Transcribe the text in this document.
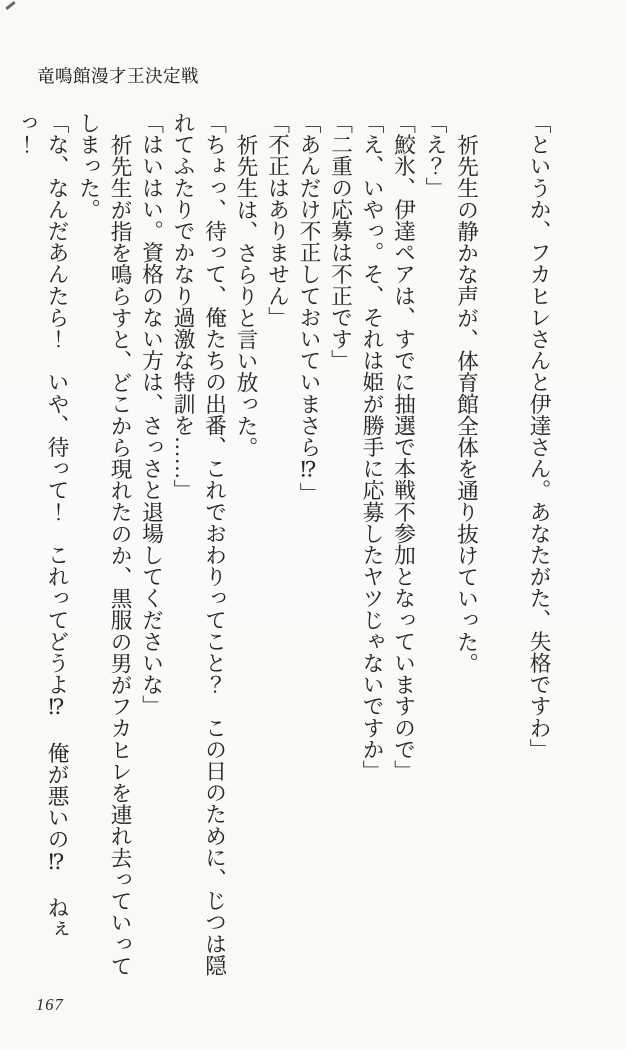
竜鳴館漫才王決定戦

「というか、フカヒレさんと伊達さん。あなたがた、失格ですわ」

祈先生の静かな声が、体育館全体を通り抜けていった。

「え？」

「鮫氷、伊達ペアは、すでに抽選で本戦不参加となっていますので」

「え、いやっ。そ、それは姫が勝手に応募したヤツじゃないですか」

「二重の応募は不正です」

「あんだけ不正しておいていまさら⁉」

「不正はありません」

祈先生は、さらりと言い放った。

「ちょっ、待って、俺たちの出番、これでおわりってこと？　この日のために、じつは隠れてふたりでかなり過激な特訓を……」

「はいはい。資格のない方は、さっさと退場してくださいな」

祈先生が指を鳴らすと、どこから現れたのか、黒服の男がフカヒレを連れ去っていってしまった。

「な、なんだあんたら！　いや、待って！　これってどうよ⁉　俺が悪いの⁉　ねぇっ！

167
